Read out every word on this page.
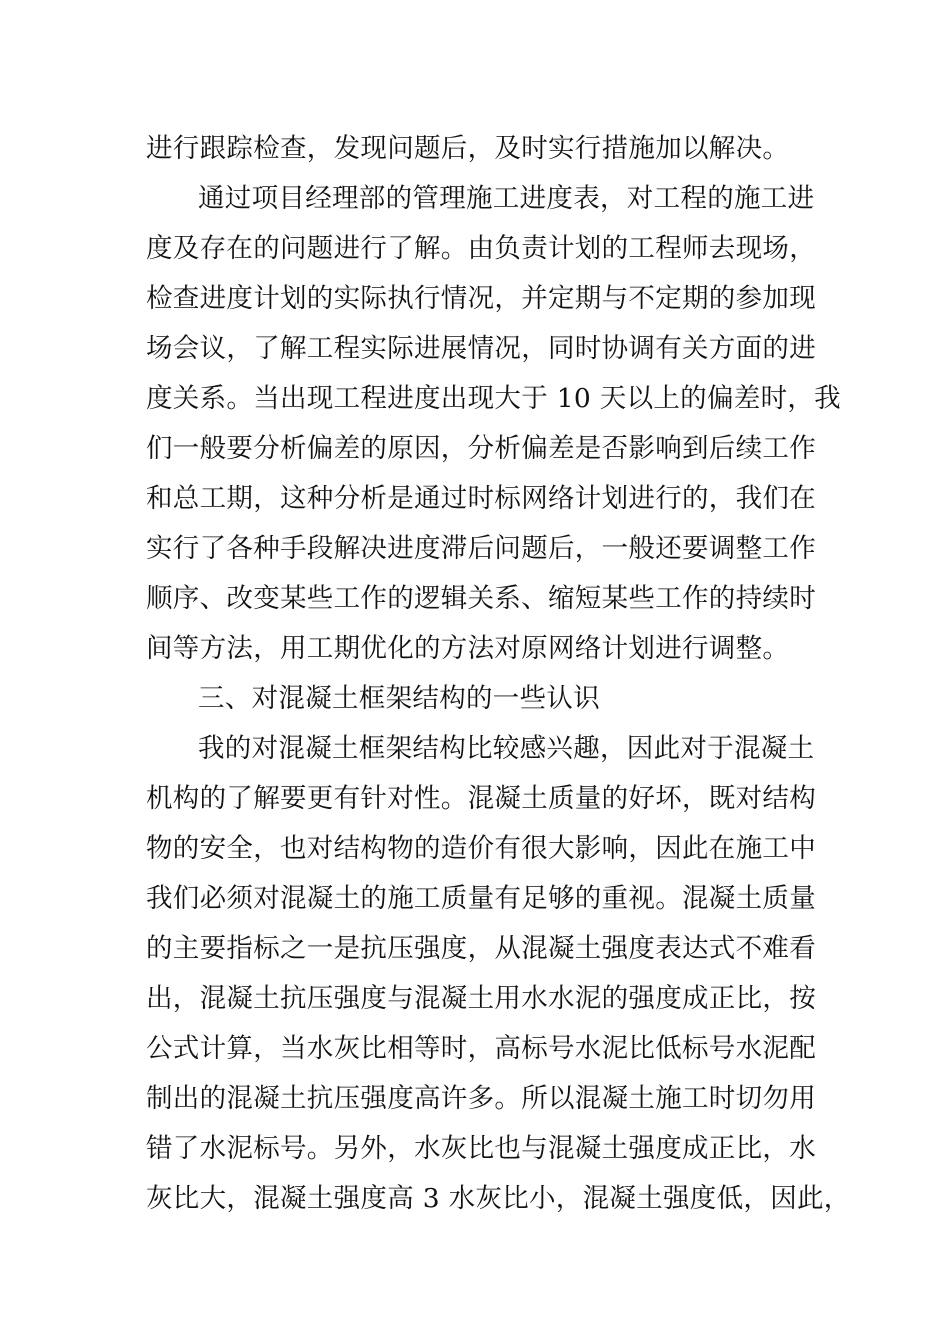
进行跟踪检查，发现问题后，及时实行措施加以解决。
通过项目经理部的管理施工进度表，对工程的施工进
度及存在的问题进行了解。由负责计划的工程师去现场，
检查进度计划的实际执行情况，并定期与不定期的参加现
场会议，了解工程实际进展情况，同时协调有关方面的进
度关系。当出现工程进度出现大于 10 天以上的偏差时，我
们一般要分析偏差的原因，分析偏差是否影响到后续工作
和总工期，这种分析是通过时标网络计划进行的，我们在
实行了各种手段解决进度滞后问题后，一般还要调整工作
顺序、改变某些工作的逻辑关系、缩短某些工作的持续时
间等方法，用工期优化的方法对原网络计划进行调整。
三、对混凝土框架结构的一些认识
我的对混凝土框架结构比较感兴趣，因此对于混凝土
机构的了解要更有针对性。混凝土质量的好坏，既对结构
物的安全，也对结构物的造价有很大影响，因此在施工中
我们必须对混凝土的施工质量有足够的重视。混凝土质量
的主要指标之一是抗压强度，从混凝土强度表达式不难看
出，混凝土抗压强度与混凝土用水水泥的强度成正比，按
公式计算，当水灰比相等时，高标号水泥比低标号水泥配
制出的混凝土抗压强度高许多。所以混凝土施工时切勿用
错了水泥标号。另外，水灰比也与混凝土强度成正比，水
灰比大，混凝土强度高 3 水灰比小，混凝土强度低，因此，
